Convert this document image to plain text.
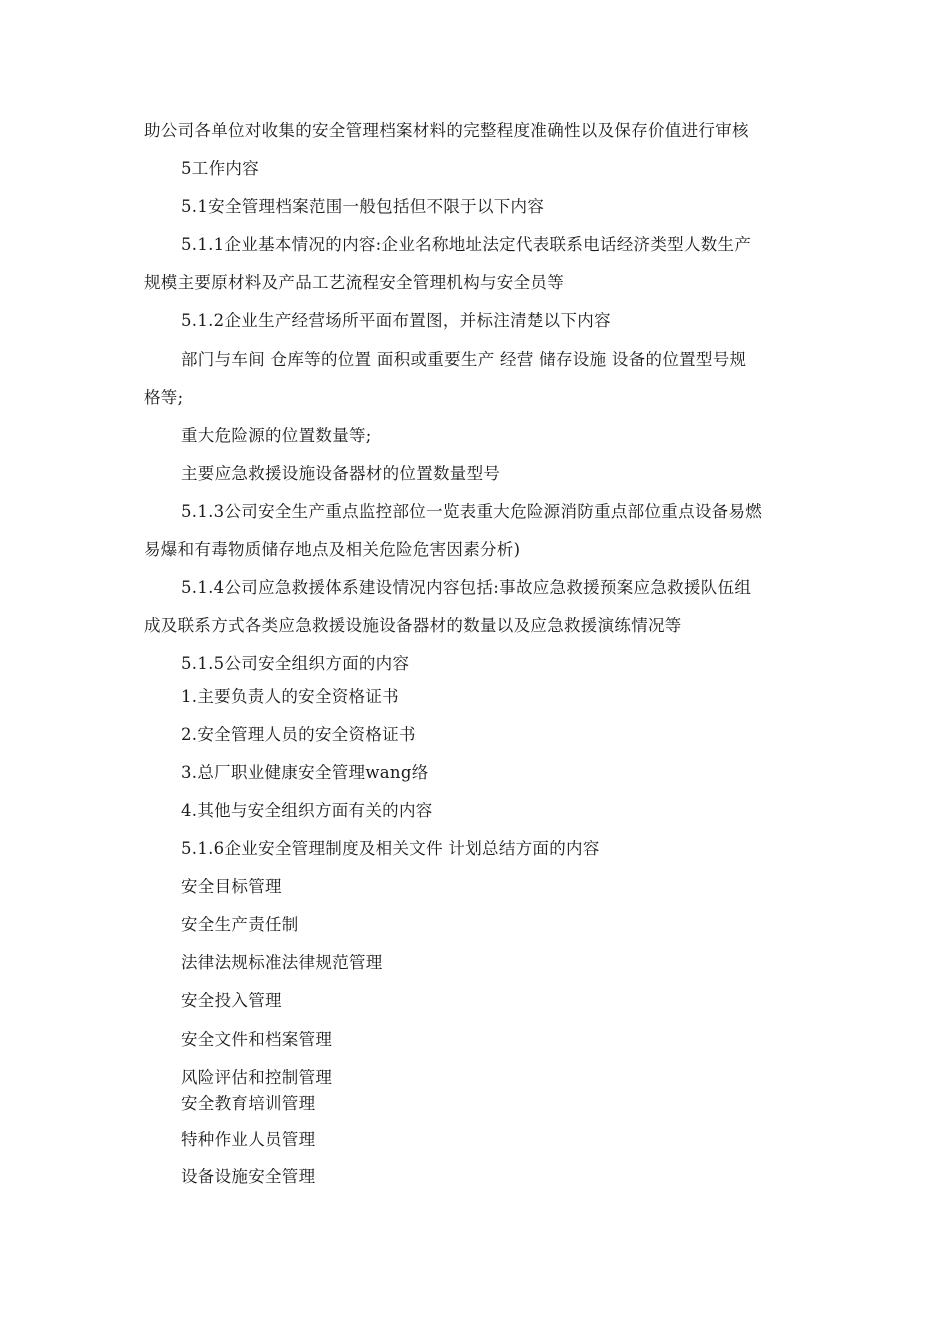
助公司各单位对收集的安全管理档案材料的完整程度准确性以及保存价值进行审核
5工作内容
5.1安全管理档案范围一般包括但不限于以下内容
5.1.1企业基本情况的内容:企业名称地址法定代表联系电话经济类型人数生产
规模主要原材料及产品工艺流程安全管理机构与安全员等
5.1.2企业生产经营场所平面布置图，并标注清楚以下内容
部门与车间 仓库等的位置 面积或重要生产 经营 储存设施 设备的位置型号规
格等;
重大危险源的位置数量等;
主要应急救援设施设备器材的位置数量型号
5.1.3公司安全生产重点监控部位一览表重大危险源消防重点部位重点设备易燃
易爆和有毒物质储存地点及相关危险危害因素分析)
5.1.4公司应急救援体系建设情况内容包括:事故应急救援预案应急救援队伍组
成及联系方式各类应急救援设施设备器材的数量以及应急救援演练情况等
5.1.5公司安全组织方面的内容
1.主要负责人的安全资格证书
2.安全管理人员的安全资格证书
3.总厂职业健康安全管理wang络
4.其他与安全组织方面有关的内容
5.1.6企业安全管理制度及相关文件 计划总结方面的内容
安全目标管理
安全生产责任制
法律法规标准法律规范管理
安全投入管理
安全文件和档案管理
风险评估和控制管理
安全教育培训管理
特种作业人员管理
设备设施安全管理
